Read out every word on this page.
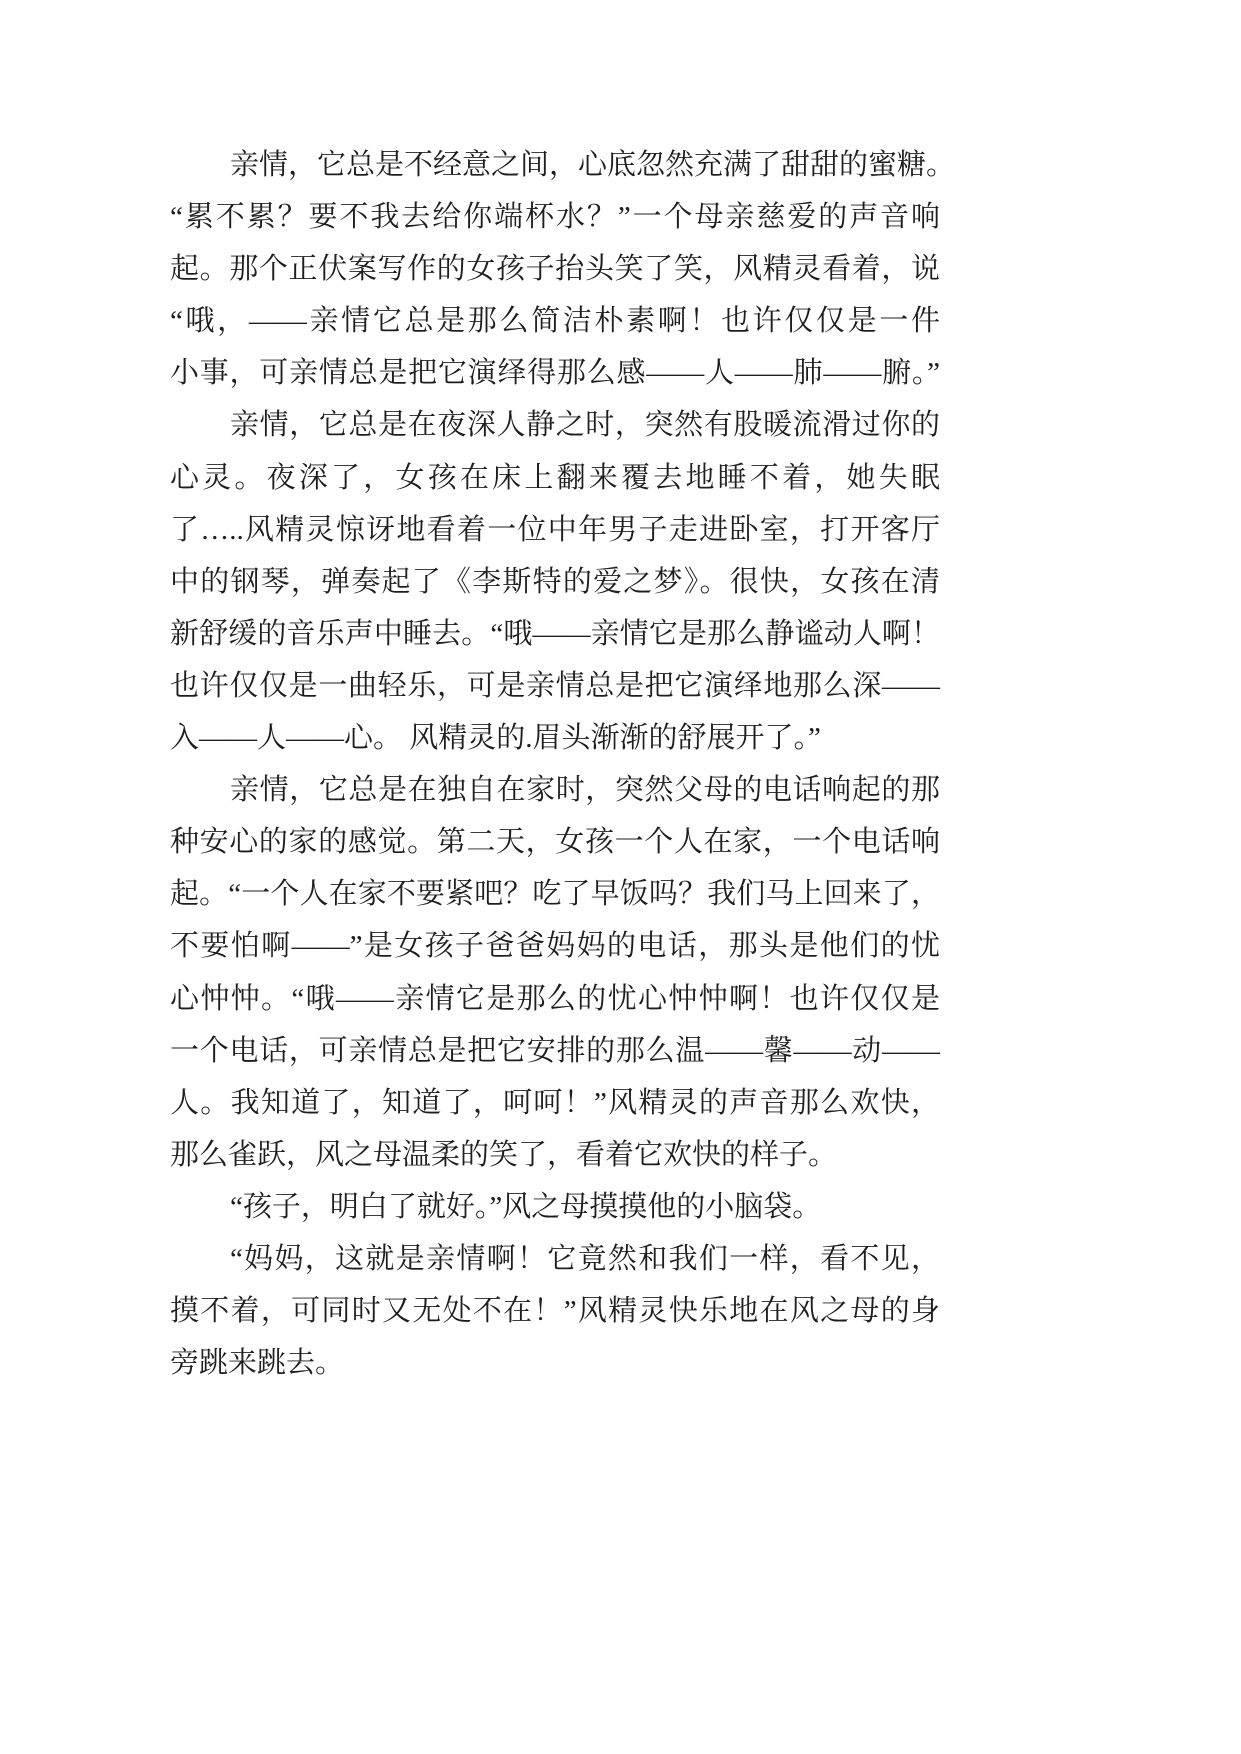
亲情，它总是不经意之间，心底忽然充满了甜甜的蜜糖。
“累不累？要不我去给你端杯水？”一个母亲慈爱的声音响
起。那个正伏案写作的女孩子抬头笑了笑，风精灵看着，说
“哦，——亲情它总是那么简洁朴素啊！也许仅仅是一件
小事，可亲情总是把它演绎得那么感——人——肺——腑。”
亲情，它总是在夜深人静之时，突然有股暖流滑过你的
心灵。夜深了，女孩在床上翻来覆去地睡不着，她失眠
了…..风精灵惊讶地看着一位中年男子走进卧室，打开客厅
中的钢琴，弹奏起了《李斯特的爱之梦》。很快，女孩在清
新舒缓的音乐声中睡去。“哦——亲情它是那么静谧动人啊！
也许仅仅是一曲轻乐，可是亲情总是把它演绎地那么深——
入——人——心。 风精灵的.眉头渐渐的舒展开了。”
亲情，它总是在独自在家时，突然父母的电话响起的那
种安心的家的感觉。第二天，女孩一个人在家，一个电话响
起。“一个人在家不要紧吧？吃了早饭吗？我们马上回来了，
不要怕啊——”是女孩子爸爸妈妈的电话，那头是他们的忧
心忡忡。“哦——亲情它是那么的忧心忡忡啊！也许仅仅是
一个电话，可亲情总是把它安排的那么温——馨——动——
人。我知道了，知道了，呵呵！”风精灵的声音那么欢快，
那么雀跃，风之母温柔的笑了，看着它欢快的样子。
“孩子，明白了就好。”风之母摸摸他的小脑袋。
“妈妈，这就是亲情啊！它竟然和我们一样，看不见，
摸不着，可同时又无处不在！”风精灵快乐地在风之母的身
旁跳来跳去。
